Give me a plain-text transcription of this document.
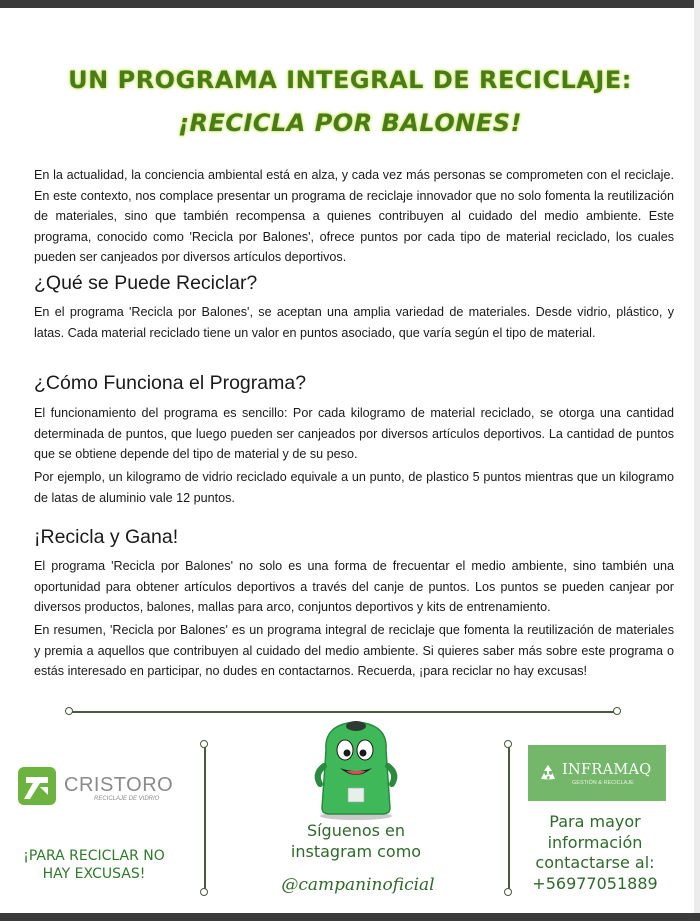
UN PROGRAMA INTEGRAL DE RECICLAJE:
¡RECICLA POR BALONES!

En la actualidad, la conciencia ambiental está en alza, y cada vez más personas se comprometen con el reciclaje. En este contexto, nos complace presentar un programa de reciclaje innovador que no solo fomenta la reutilización de materiales, sino que también recompensa a quienes contribuyen al cuidado del medio ambiente. Este programa, conocido como 'Recicla por Balones', ofrece puntos por cada tipo de material reciclado, los cuales pueden ser canjeados por diversos artículos deportivos.

¿Qué se Puede Reciclar?

En el programa 'Recicla por Balones', se aceptan una amplia variedad de materiales. Desde vidrio, plástico, y latas. Cada material reciclado tiene un valor en puntos asociado, que varía según el tipo de material.

¿Cómo Funciona el Programa?

El funcionamiento del programa es sencillo: Por cada kilogramo de material reciclado, se otorga una cantidad determinada de puntos, que luego pueden ser canjeados por diversos artículos deportivos. La cantidad de puntos que se obtiene depende del tipo de material y de su peso.

Por ejemplo, un kilogramo de vidrio reciclado equivale a un punto, de plastico 5 puntos mientras que un kilogramo de latas de aluminio vale 12 puntos.

¡Recicla y Gana!

El programa 'Recicla por Balones' no solo es una forma de frecuentar el medio ambiente, sino también una oportunidad para obtener artículos deportivos a través del canje de puntos. Los puntos se pueden canjear por diversos productos, balones, mallas para arco, conjuntos deportivos y kits de entrenamiento.

En resumen, 'Recicla por Balones' es un programa integral de reciclaje que fomenta la reutilización de materiales y premia a aquellos que contribuyen al cuidado del medio ambiente. Si quieres saber más sobre este programa o estás interesado en participar, no dudes en contactarnos. Recuerda, ¡para reciclar no hay excusas!

CRISTORO
RECICLAJE DE VIDRIO
¡PARA RECICLAR NO HAY EXCUSAS!
Síguenos en instagram como
@campaninoficial
INFRAMAQ
GESTIÓN & RECICLAJE
Para mayor información contactarse al: +56977051889
